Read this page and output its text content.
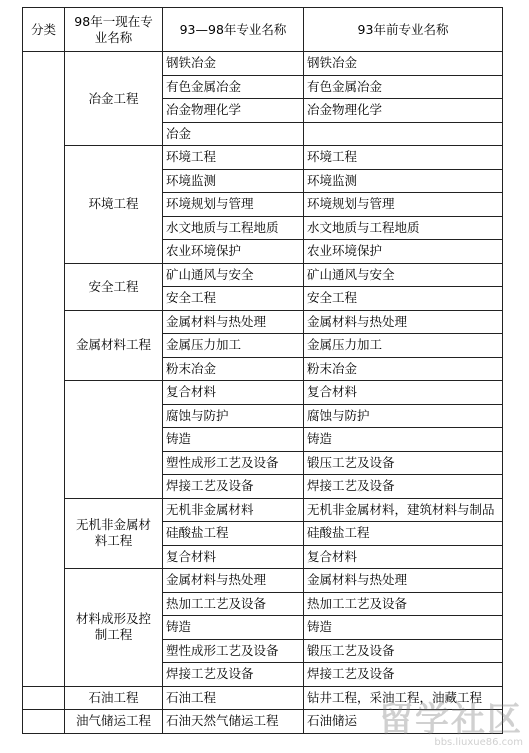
分类	98年一现在专业名称	93—98年专业名称	93年前专业名称
	冶金工程	钢铁冶金	钢铁冶金
		有色金属冶金	有色金属冶金
		冶金物理化学	冶金物理化学
		冶金	
	环境工程	环境工程	环境工程
		环境监测	环境监测
		环境规划与管理	环境规划与管理
		水文地质与工程地质	水文地质与工程地质
		农业环境保护	农业环境保护
	安全工程	矿山通风与安全	矿山通风与安全
		安全工程	安全工程
	金属材料工程	金属材料与热处理	金属材料与热处理
		金属压力加工	金属压力加工
		粉末冶金	粉末冶金
		复合材料	复合材料
		腐蚀与防护	腐蚀与防护
		铸造	铸造
		塑性成形工艺及设备	锻压工艺及设备
		焊接工艺及设备	焊接工艺及设备
	无机非金属材料工程	无机非金属材料	无机非金属材料，建筑材料与制品
		硅酸盐工程	硅酸盐工程
		复合材料	复合材料
	材料成形及控制工程	金属材料与热处理	金属材料与热处理
		热加工工艺及设备	热加工工艺及设备
		铸造	铸造
		塑性成形工艺及设备	锻压工艺及设备
		焊接工艺及设备	焊接工艺及设备
	石油工程	石油工程	钻井工程，采油工程，油藏工程
	油气储运工程	石油天然气储运工程	石油储运 留学社区
bbs.liuxue86.com
